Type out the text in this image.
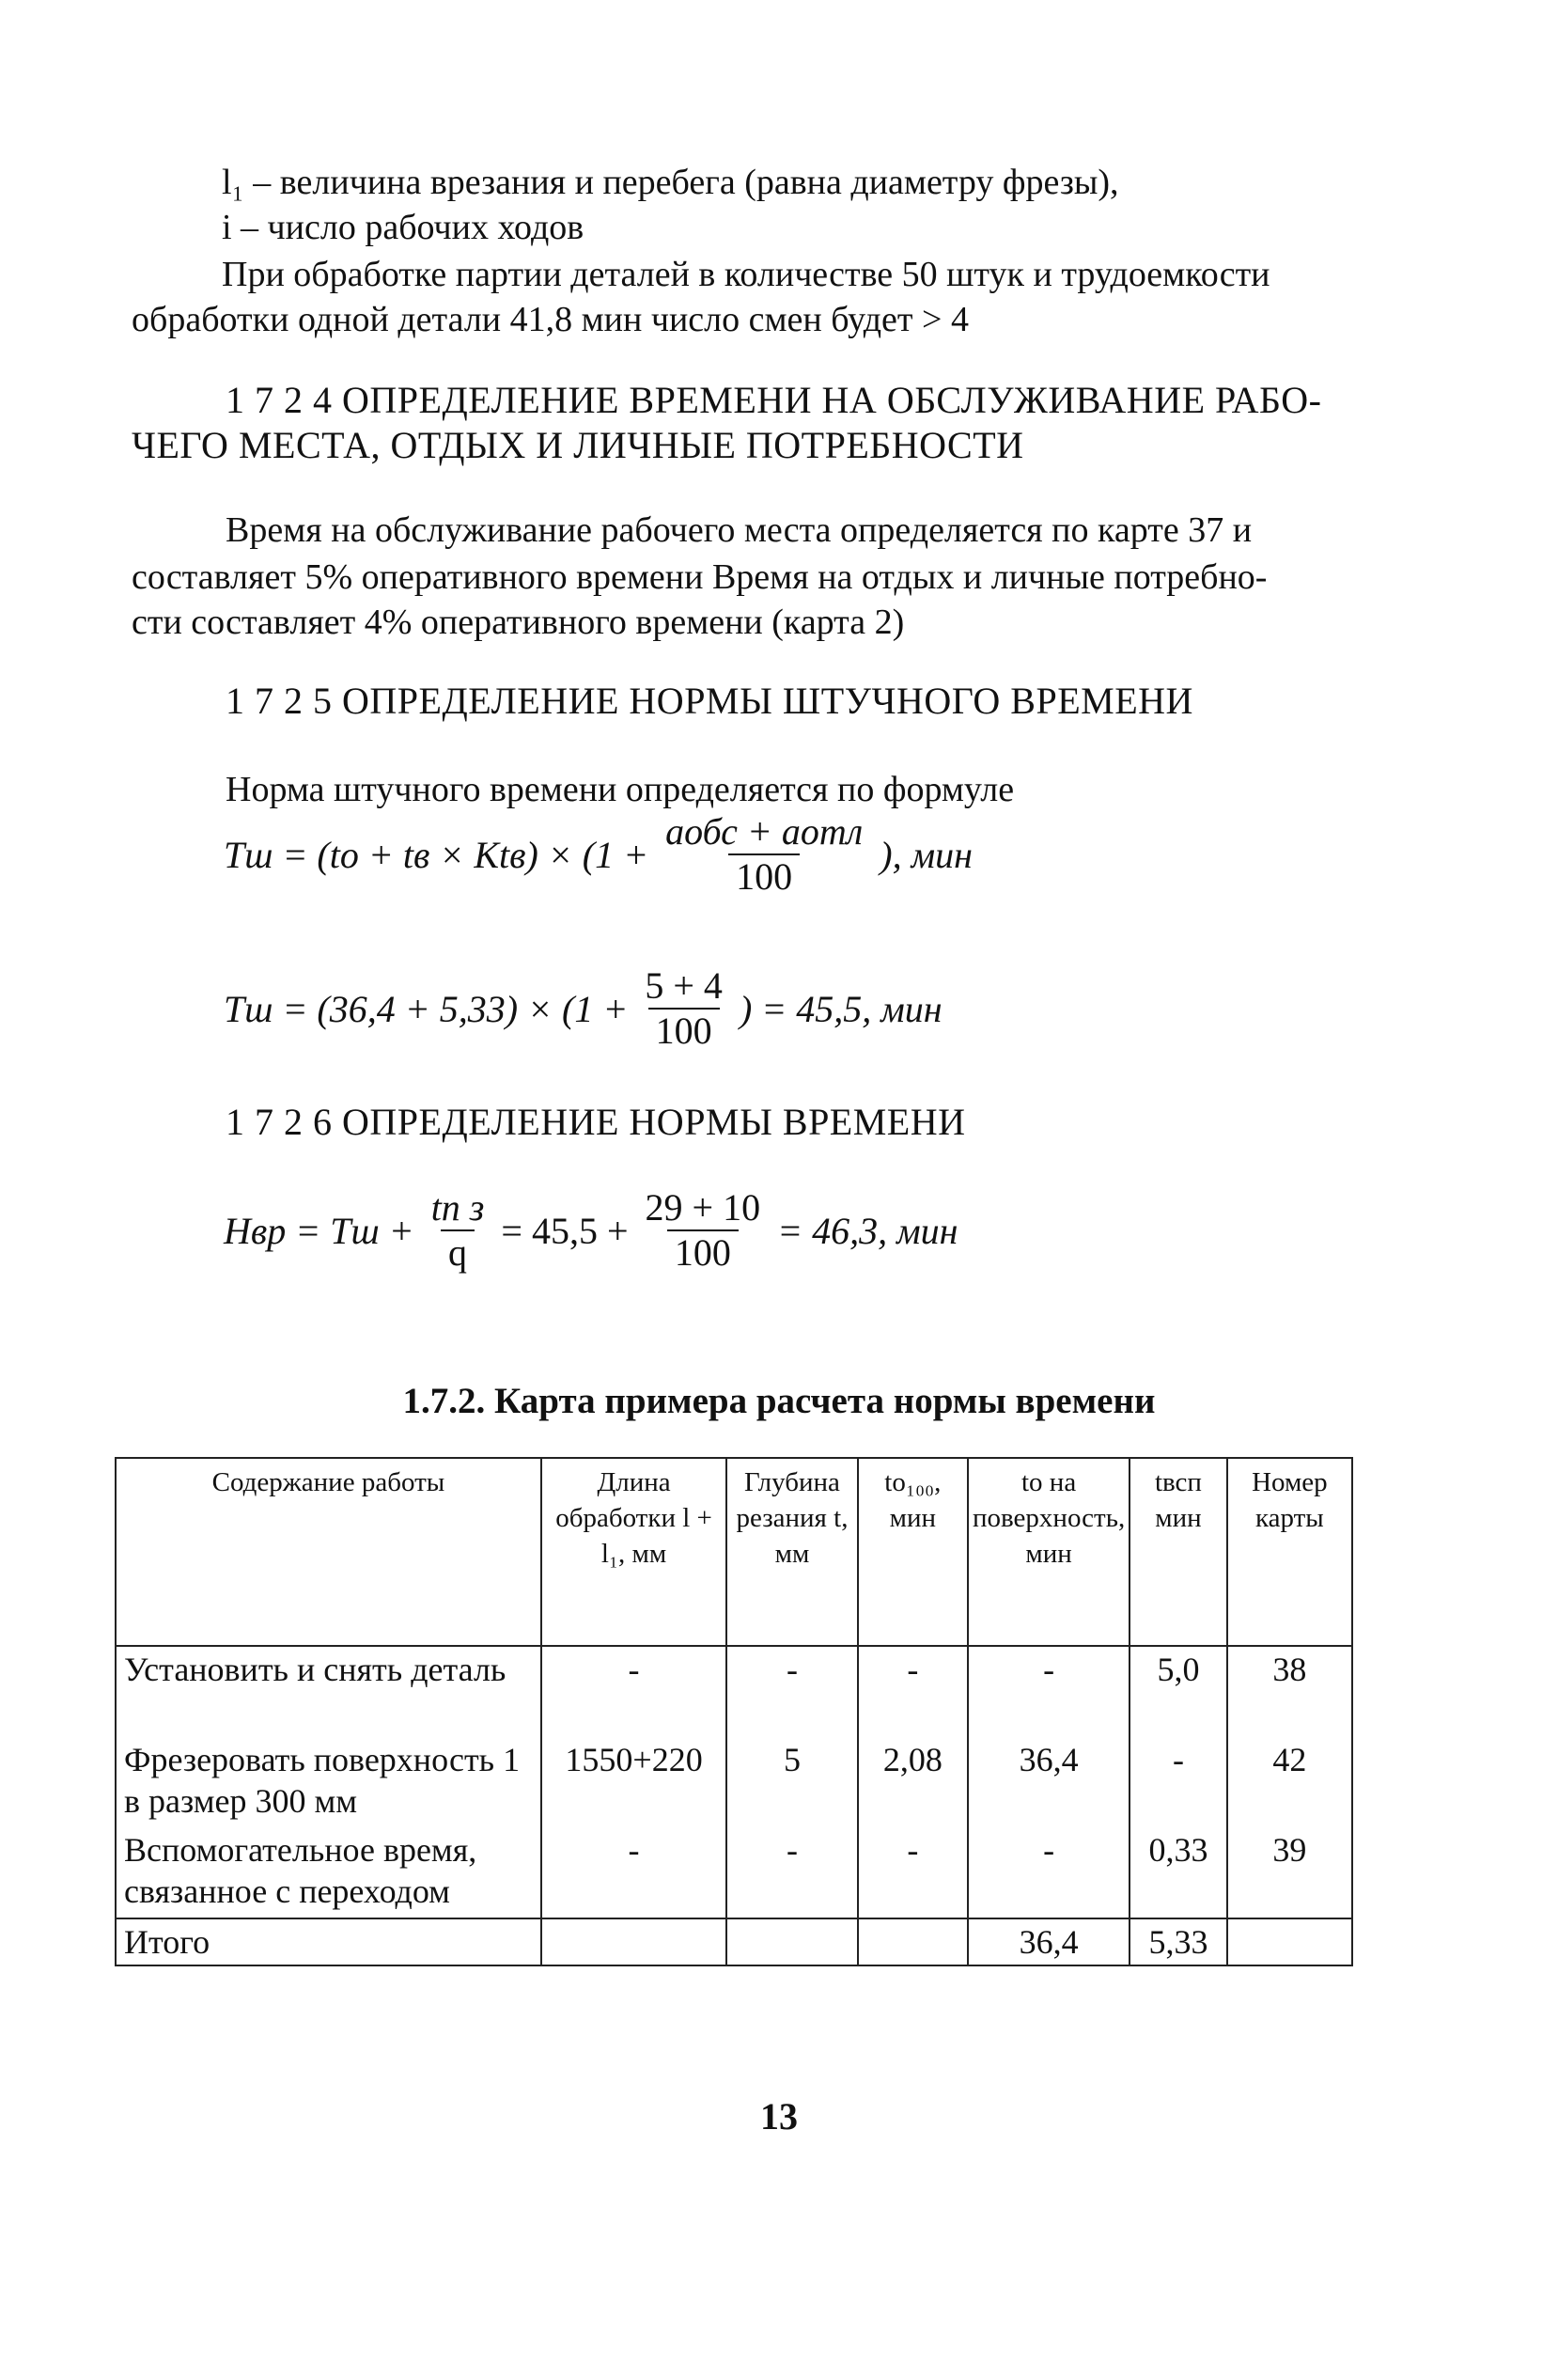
l₁ – величина врезания и перебега (равна диаметру фрезы),
i – число рабочих ходов
При обработке партии деталей в количестве 50 штук и трудоемкости
обработки одной детали 41,8 мин число смен будет > 4
1 7 2 4 ОПРЕДЕЛЕНИЕ ВРЕМЕНИ НА ОБСЛУЖИВАНИЕ РАБО-
ЧЕГО МЕСТА, ОТДЫХ И ЛИЧНЫЕ ПОТРЕБНОСТИ
Время на обслуживание рабочего места определяется по карте 37 и
составляет 5% оперативного времени Время на отдых и личные потребно-
сти составляет 4% оперативного времени (карта 2)
1 7 2 5 ОПРЕДЕЛЕНИЕ НОРМЫ ШТУЧНОГО ВРЕМЕНИ
Норма штучного времени определяется по формуле
Tш = (to + tв × $Ktв) \times (1 + \frac{\text{aобс + aотл}}{100}$ ), мин
Tш = $(36,4 + 5,33) \times (1 + \frac{5 + 4}{100}$ ) = 45,5, мин
1 7 2 6 ОПРЕДЕЛЕНИЕ НОРМЫ ВРЕМЕНИ
Hвр = Tш + $\frac{\text{tп з}}{q} = 45,5 + \frac{29 + 10}{100} = 46,3$, мин
1.7.2. Карта примера расчета нормы времени
Содержание работы	Длина обработки l + l₁, мм	Глубина резания t, мм	to₁₀₀, мин	to на поверхность, мин	tвсп мин	Номер карты
Установить и снять деталь	-	-	-	-	5,0	38
Фрезеровать поверхность 1 в размер 300 мм	1550+220	5	2,08	36,4	-	42
Вспомогательное время, связанное с переходом	-	-	-	-	0,33	39
Итого				36,4	5,33	
13
